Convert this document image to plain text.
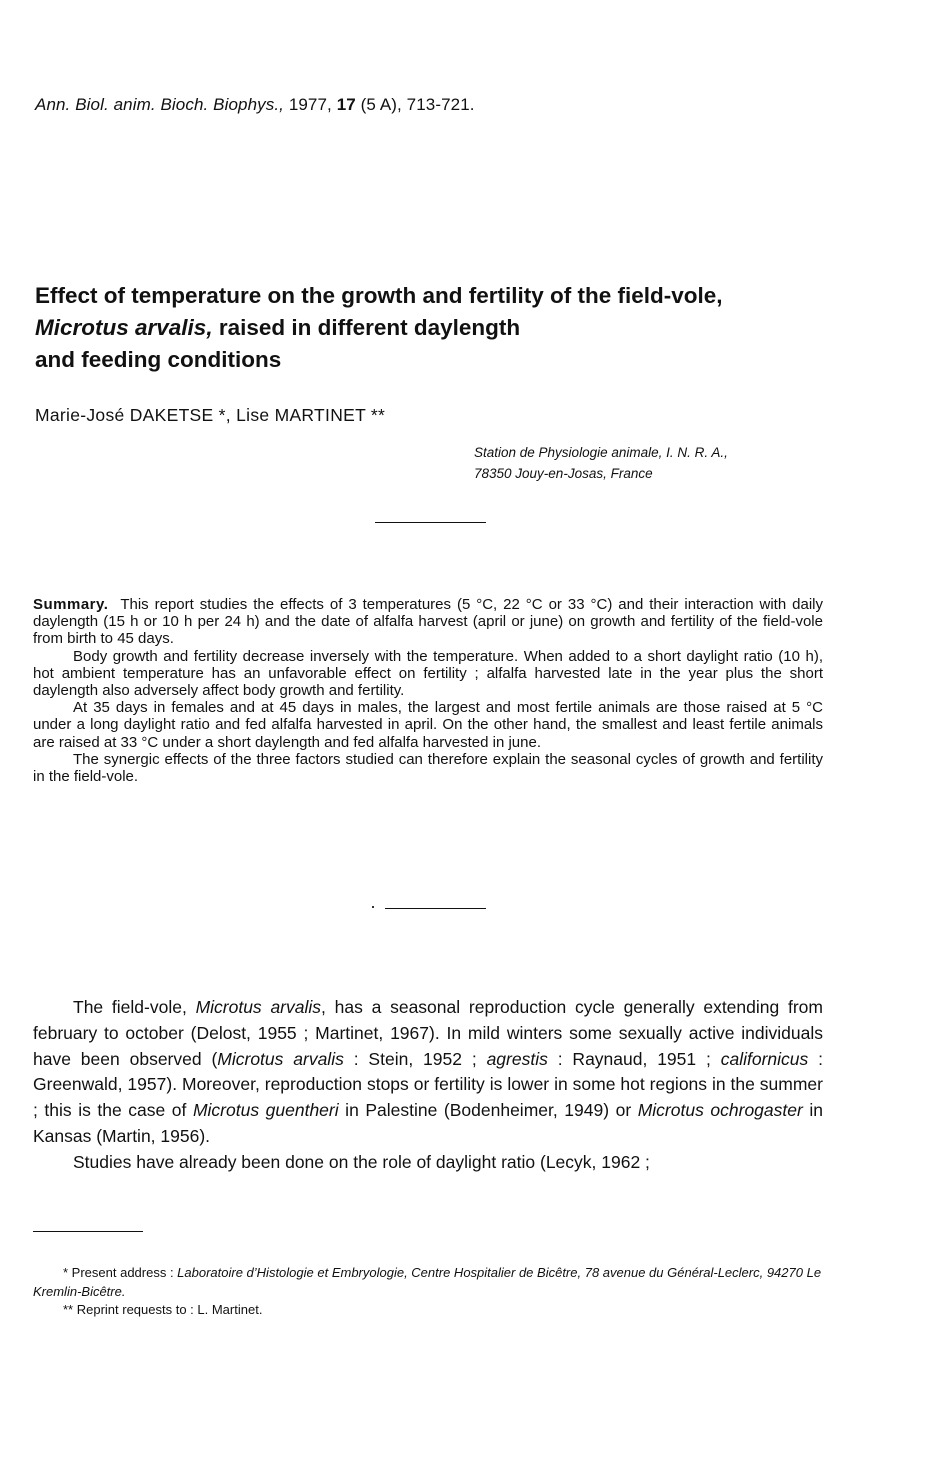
Ann. Biol. anim. Bioch. Biophys., 1977, 17 (5 A), 713-721.
Effect of temperature on the growth and fertility of the field-vole,
Microtus arvalis, raised in different daylength
and feeding conditions
Marie-José DAKETSE *, Lise MARTINET **
Station de Physiologie animale, I. N. R. A.,
78350 Jouy-en-Josas, France

Summary. This report studies the effects of 3 temperatures (5 °C, 22 °C or 33 °C) and their interaction with daily daylength (15 h or 10 h per 24 h) and the date of alfalfa harvest (april or june) on growth and fertility of the field-vole from birth to 45 days.

Body growth and fertility decrease inversely with the temperature. When added to a short daylight ratio (10 h), hot ambient temperature has an unfavorable effect on fertility ; alfalfa harvested late in the year plus the short daylength also adversely affect body growth and fertility.

At 35 days in females and at 45 days in males, the largest and most fertile animals are those raised at 5 °C under a long daylight ratio and fed alfalfa harvested in april. On the other hand, the smallest and least fertile animals are raised at 33 °C under a short daylength and fed alfalfa harvested in june.

The synergic effects of the three factors studied can therefore explain the seasonal cycles of growth and fertility in the field-vole.

The field-vole, Microtus arvalis, has a seasonal reproduction cycle generally extending from february to october (Delost, 1955 ; Martinet, 1967). In mild winters some sexually active individuals have been observed (Microtus arvalis : Stein, 1952 ; agrestis : Raynaud, 1951 ; californicus : Greenwald, 1957). Moreover, reproduction stops or fertility is lower in some hot regions in the summer ; this is the case of Microtus guentheri in Palestine (Bodenheimer, 1949) or Microtus ochrogaster in Kansas (Martin, 1956).

Studies have already been done on the role of daylight ratio (Lecyk, 1962 ;

* Present address : Laboratoire d’Histologie et Embryologie, Centre Hospitalier de Bicêtre, 78 avenue du Général-Leclerc, 94270 Le Kremlin-Bicêtre.

** Reprint requests to : L. Martinet.
